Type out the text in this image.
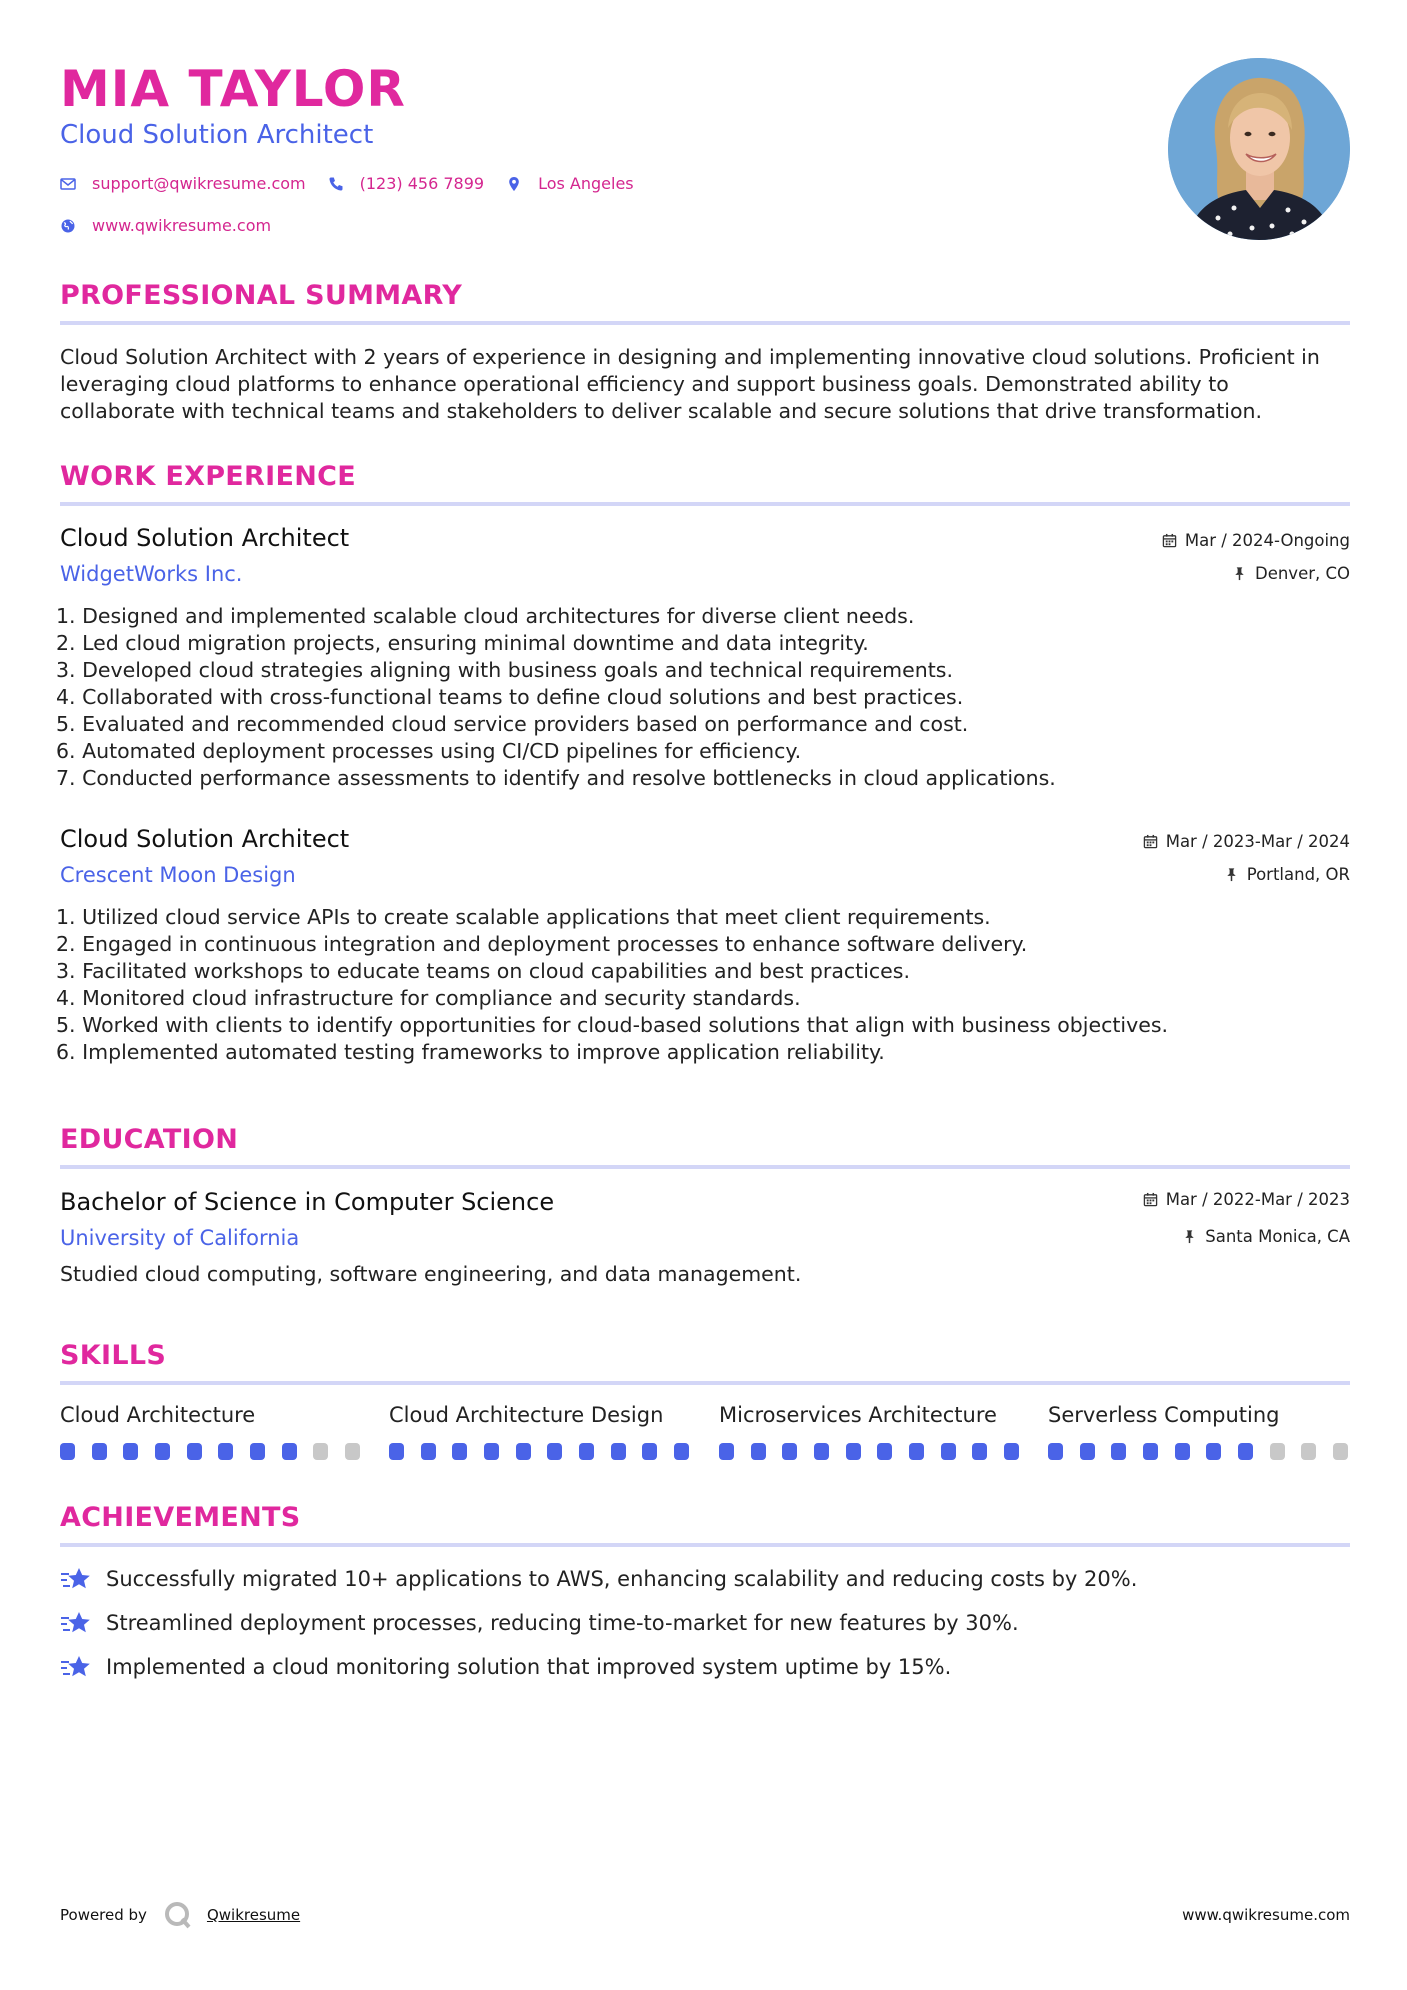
MIA TAYLOR
Cloud Solution Architect
support@qwikresume.com	(123) 456 7899	Los Angeles
www.qwikresume.com
PROFESSIONAL SUMMARY
Cloud Solution Architect with 2 years of experience in designing and implementing innovative cloud solutions. Proficient in leveraging cloud platforms to enhance operational efficiency and support business goals. Demonstrated ability to collaborate with technical teams and stakeholders to deliver scalable and secure solutions that drive transformation.
WORK EXPERIENCE
Cloud Solution Architect
WidgetWorks Inc.
Mar / 2024-Ongoing
Denver, CO
1. Designed and implemented scalable cloud architectures for diverse client needs.
2. Led cloud migration projects, ensuring minimal downtime and data integrity.
3. Developed cloud strategies aligning with business goals and technical requirements.
4. Collaborated with cross-functional teams to define cloud solutions and best practices.
5. Evaluated and recommended cloud service providers based on performance and cost.
6. Automated deployment processes using CI/CD pipelines for efficiency.
7. Conducted performance assessments to identify and resolve bottlenecks in cloud applications.
Cloud Solution Architect
Crescent Moon Design
Mar / 2023-Mar / 2024
Portland, OR
1. Utilized cloud service APIs to create scalable applications that meet client requirements.
2. Engaged in continuous integration and deployment processes to enhance software delivery.
3. Facilitated workshops to educate teams on cloud capabilities and best practices.
4. Monitored cloud infrastructure for compliance and security standards.
5. Worked with clients to identify opportunities for cloud-based solutions that align with business objectives.
6. Implemented automated testing frameworks to improve application reliability.
EDUCATION
Bachelor of Science in Computer Science
University of California
Mar / 2022-Mar / 2023
Santa Monica, CA
Studied cloud computing, software engineering, and data management.
SKILLS
Cloud Architecture	Cloud Architecture Design	Microservices Architecture	Serverless Computing
ACHIEVEMENTS
Successfully migrated 10+ applications to AWS, enhancing scalability and reducing costs by 20%.
Streamlined deployment processes, reducing time-to-market for new features by 30%.
Implemented a cloud monitoring solution that improved system uptime by 15%.
Powered by	Qwikresume	www.qwikresume.com
